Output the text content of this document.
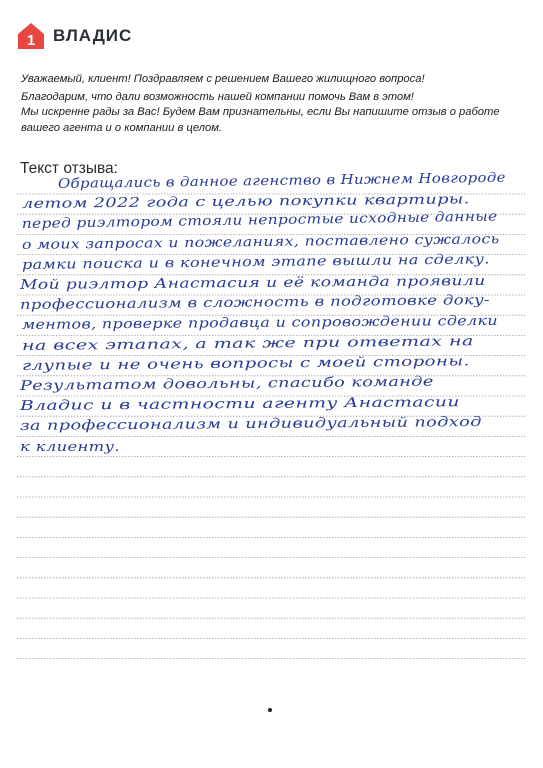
1 ВЛАДИС

Уважаемый, клиент! Поздравляем с решением Вашего жилищного вопроса!

Благодарим, что дали возможность нашей компании помочь Вам в этом!

Мы искренне рады за Вас! Будем Вам признательны, если Вы напишите отзыв о работе вашего агента и о компании в целом.

Текст отзыва:
Обращались в данное агенство в Нижнем Новгороде
летом 2022 года с целью покупки квартиры.
перед риэлтором стояли непростые исходные данные
о моих запросах и пожеланиях, поставлено сужалось
рамки поиска и в конечном этапе вышли на сделку.
Мой риэлтор Анастасия и её команда проявили
профессионализм в сложность в подготовке доку-
ментов, проверке продавца и сопровождении сделки
на всех этапах, а так же при ответах на
глупые и не очень вопросы с моей стороны.
Результатом довольны, спасибо команде
Владис и в частности агенту Анастасии
за профессионализм и индивидуальный подход
к клиенту.
